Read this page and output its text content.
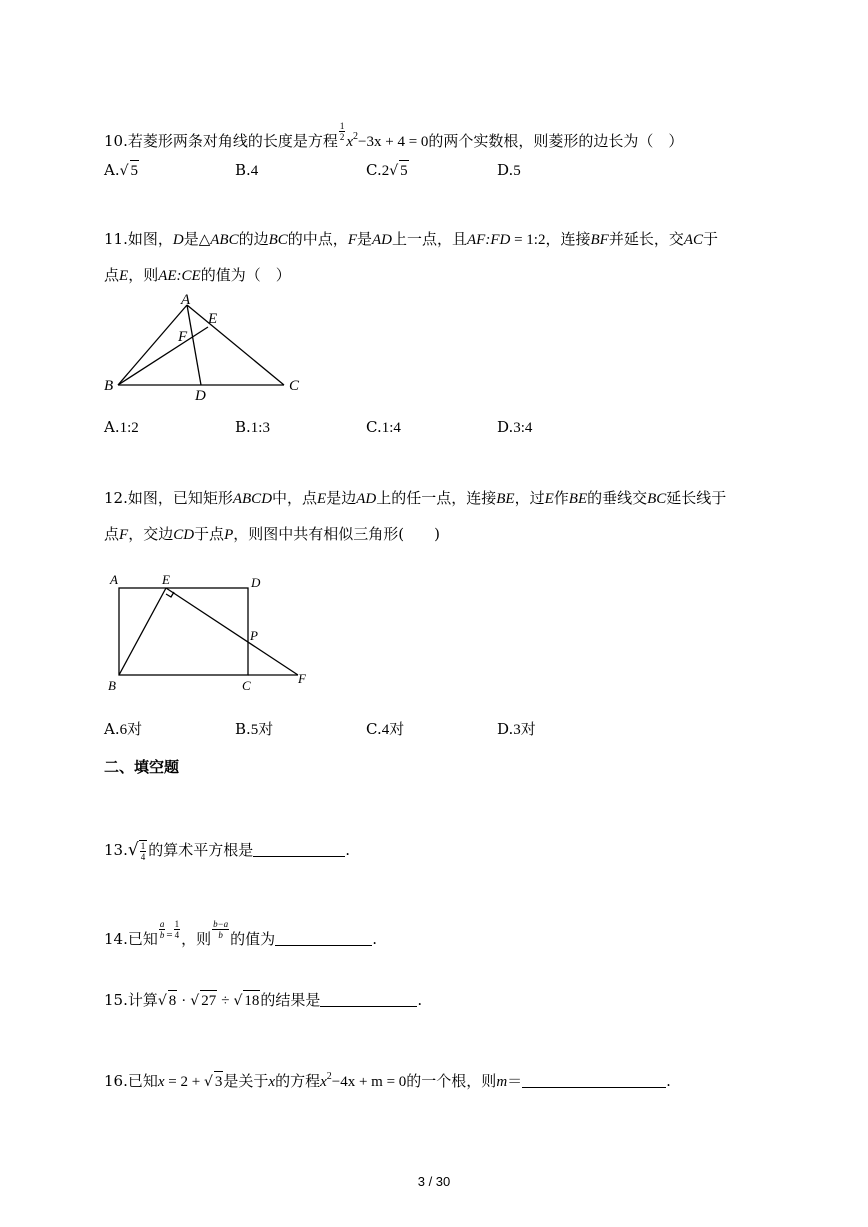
10.若菱形两条对角线的长度是方程 $\frac{1}{2} x^2-3x + 4 = 0$的两个实数根，则菱形的边长为（　）
A.√ 5	B.4	C.2√ 5	D.5
11.如图，D是△ABC的边BC的中点，F是AD上一点，且AF:FD = 1:2，连接BF并延长，交AC于
点E，则AE:CE的值为（　）
A
B	C
D
E
F
A.1:2	B.1:3	C.1:4	D.3:4
12.如图，已知矩形ABCD中，点E是边AD上的任一点，连接BE，过E作BE的垂线交BC延长线于
点F，交边CD于点P，则图中共有相似三角形(　　)
A
B	C
D
E
F
P
A.6对	B.5对	C.4对	D.3对
二、填空题
$13.√ \frac{1}{4}$ 的算术平方根是	.
14.已知 $\frac{a}{b} ^= \frac{1}{4}$ ，则 $\frac{b-a}{b}$ 的值为	.
15.计算√ 8 · √ 27 ÷ √ 18的结果是	.
16.已知x = 2 + √ 3是关于x的方程$x^2-4x + m = 0$的一个根，则m＝	.
3 / 30
